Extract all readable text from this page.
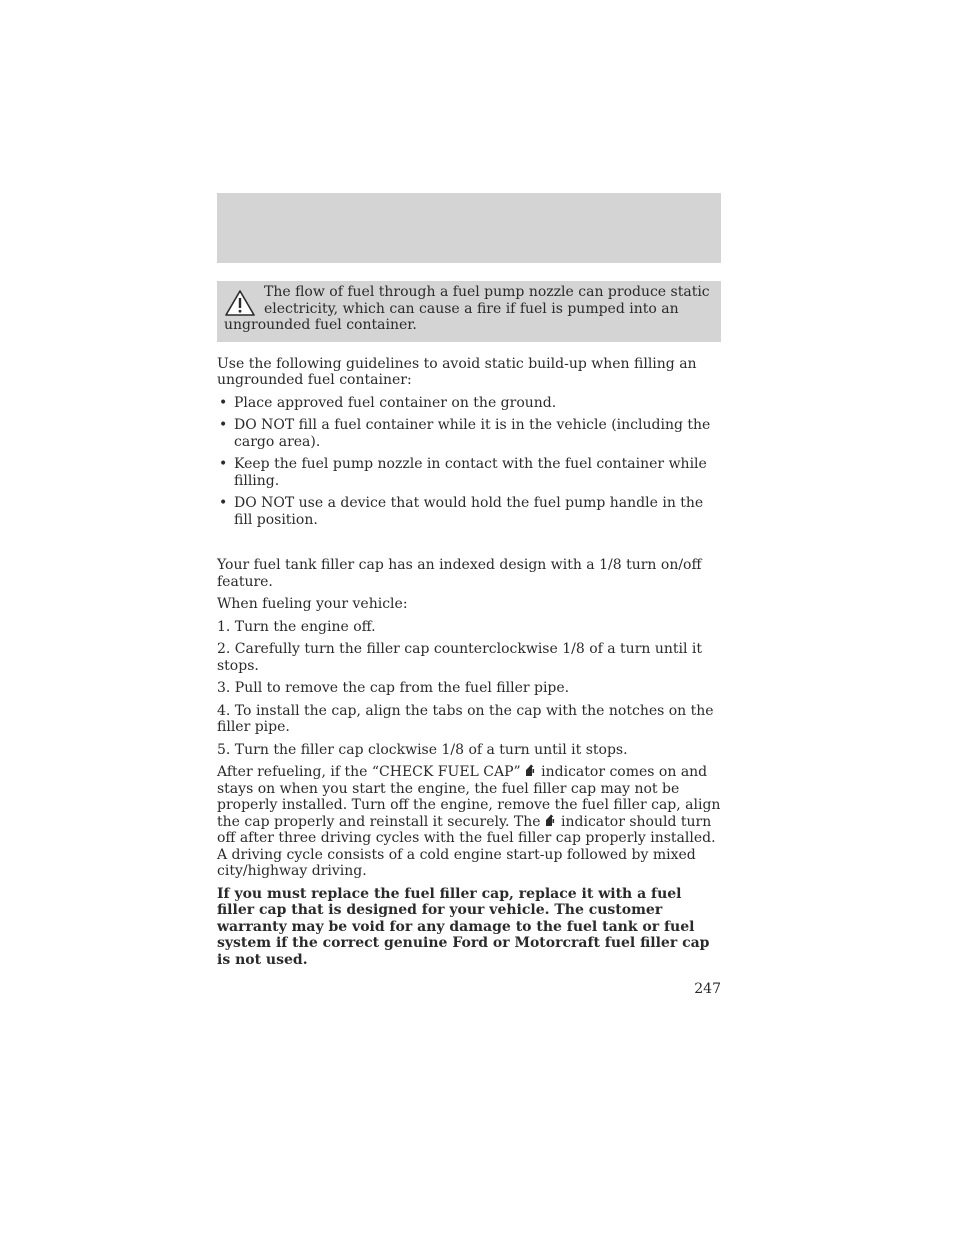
The flow of fuel through a fuel pump nozzle can produce static electricity, which can cause a fire if fuel is pumped into an ungrounded fuel container.

Use the following guidelines to avoid static build-up when filling an ungrounded fuel container:

• Place approved fuel container on the ground.
• DO NOT fill a fuel container while it is in the vehicle (including the cargo area).
• Keep the fuel pump nozzle in contact with the fuel container while filling.
• DO NOT use a device that would hold the fuel pump handle in the fill position.

Your fuel tank filler cap has an indexed design with a 1/8 turn on/off feature.

When fueling your vehicle:

1. Turn the engine off.

2. Carefully turn the filler cap counterclockwise 1/8 of a turn until it stops.

3. Pull to remove the cap from the fuel filler pipe.

4. To install the cap, align the tabs on the cap with the notches on the filler pipe.

5. Turn the filler cap clockwise 1/8 of a turn until it stops.

After refueling, if the “CHECK FUEL CAP” indicator comes on and stays on when you start the engine, the fuel filler cap may not be properly installed. Turn off the engine, remove the fuel filler cap, align the cap properly and reinstall it securely. The indicator should turn off after three driving cycles with the fuel filler cap properly installed. A driving cycle consists of a cold engine start-up followed by mixed city/highway driving.

If you must replace the fuel filler cap, replace it with a fuel filler cap that is designed for your vehicle. The customer warranty may be void for any damage to the fuel tank or fuel system if the correct genuine Ford or Motorcraft fuel filler cap is not used.

247
